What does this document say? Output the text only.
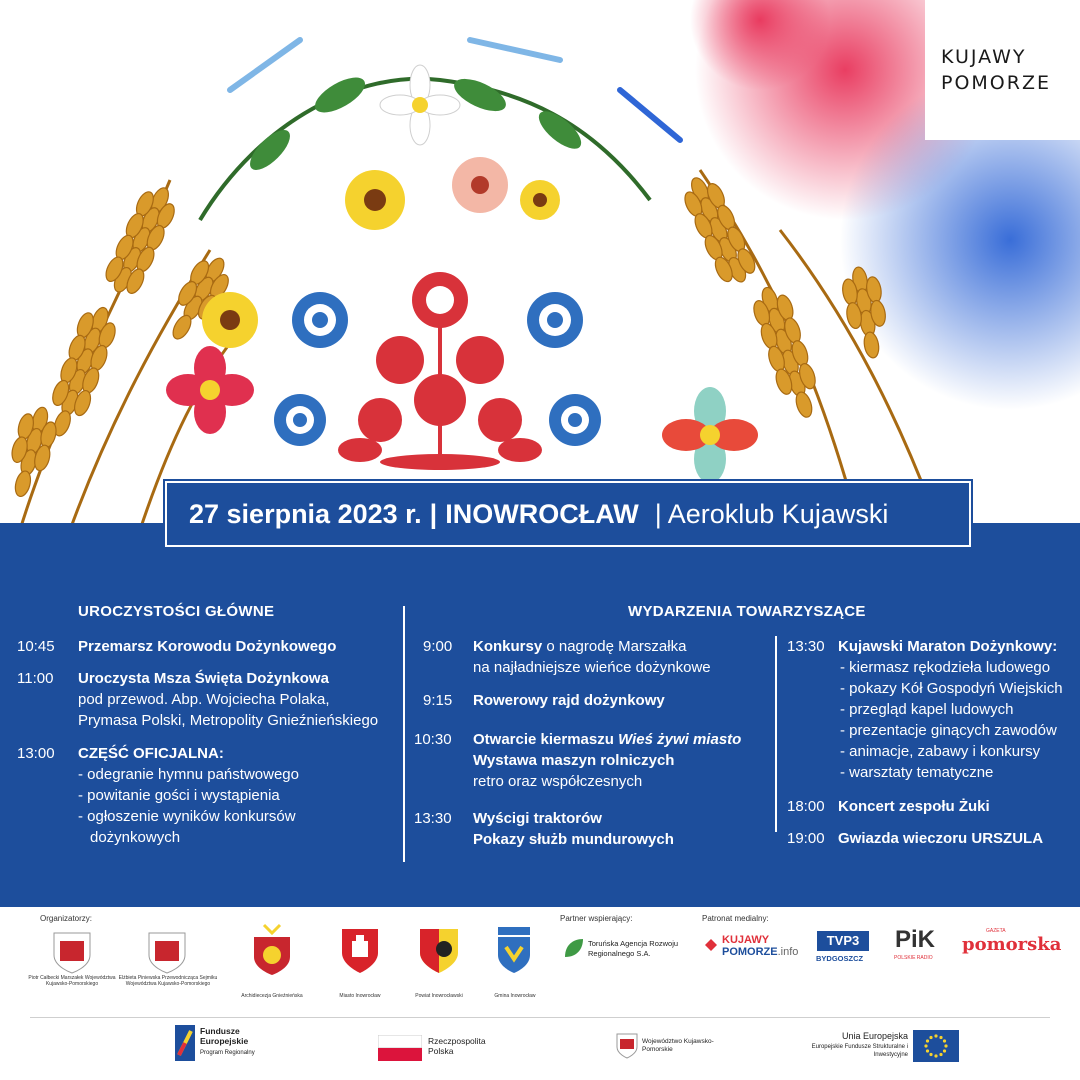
KUJAWY
POMORZE
27 sierpnia 2023 r. | INOWROCŁAW | Aeroklub Kujawski
UROCZYSTOŚCI GŁÓWNE
10:45 Przemarsz Korowodu Dożynkowego
11:00 Uroczysta Msza Święta Dożynkowa
pod przewod. Abp. Wojciecha Polaka,
Prymasa Polski, Metropolity Gnieźnieńskiego
13:00 CZĘŚĆ OFICJALNA:
- odegranie hymnu państwowego
- powitanie gości i wystąpienia
- ogłoszenie wyników konkursów
dożynkowych
WYDARZENIA TOWARZYSZĄCE
9:00 Konkursy o nagrodę Marszałka
na najładniejsze wieńce dożynkowe
9:15 Rowerowy rajd dożynkowy
10:30 Otwarcie kiermaszu Wieś żywi miasto
Wystawa maszyn rolniczych
retro oraz współczesnych
13:30 Wyścigi traktorów
Pokazy służb mundurowych
13:30 Kujawski Maraton Dożynkowy:
- kiermasz rękodzieła ludowego
- pokazy Kół Gospodyń Wiejskich
- przegląd kapel ludowych
- prezentacje ginących zawodów
- animacje, zabawy i konkursy
- warsztaty tematyczne
18:00 Koncert zespołu Żuki
19:00 Gwiazda wieczoru URSZULA
Organizatorzy:	Partner wspierający:	Patronat medialny:
Piotr Całbecki Marszałek Województwa Kujawsko-Pomorskiego
Elżbieta Piniewska Przewodnicząca Sejmiku Województwa Kujawsko-Pomorskiego
Archidiecezja Gnieźnieńska	Miasto Inowrocław	Powiat Inowrocławski	Gmina Inowrocław
Toruńska Agencja Rozwoju Regionalnego S.A.
KUJAWY
POMORZE.info
TVP3
BYDGOSZCZ
PiK
POLSKIE RADIO
GAZETA
pomorska
Fundusze Europejskie
Program Regionalny
Rzeczpospolita Polska
Województwo Kujawsko-Pomorskie
Unia Europejska
Europejskie Fundusze Strukturalne i Inwestycyjne
